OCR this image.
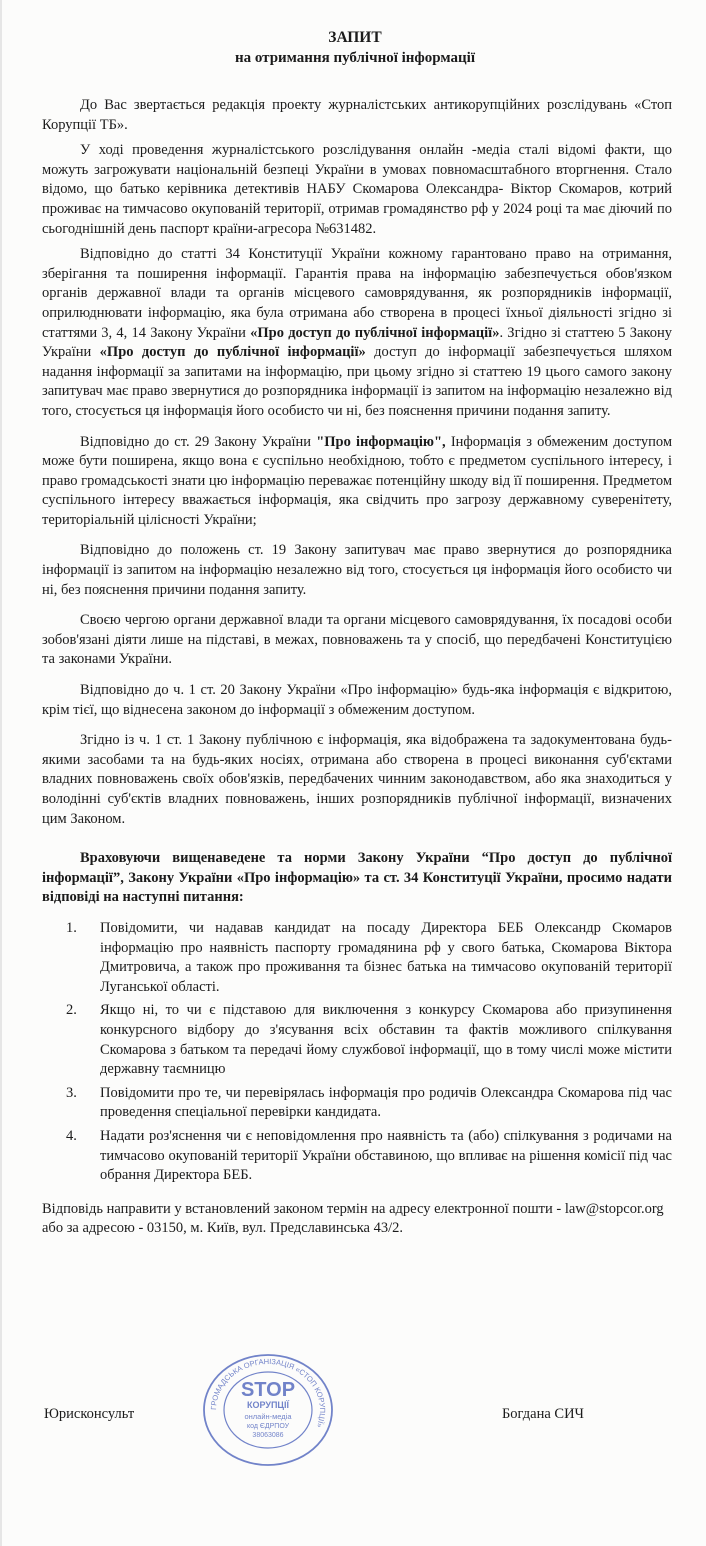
ЗАПИТ
на отримання публічної інформації

До Вас звертається редакція проекту журналістських антикорупційних розслідувань «Стоп Корупції ТБ».

У ході проведення журналістського розслідування онлайн -медіа сталі відомі факти, що можуть загрожувати національній безпеці України в умовах повномасштабного вторгнення. Стало відомо, що батько керівника детективів НАБУ Скомарова Олександра- Віктор Скомаров, котрий проживає на тимчасово окупованій території, отримав громадянство рф у 2024 році та має діючий по сьогоднішній день паспорт країни-агресора №631482.

Відповідно до статті 34 Конституції України кожному гарантовано право на отримання, зберігання та поширення інформації. Гарантія права на інформацію забезпечується обов'язком органів державної влади та органів місцевого самоврядування, як розпорядників інформації, оприлюднювати інформацію, яка була отримана або створена в процесі їхньої діяльності згідно зі статтями 3, 4, 14 Закону України «Про доступ до публічної інформації». Згідно зі статтею 5 Закону України «Про доступ до публічної інформації» доступ до інформації забезпечується шляхом надання інформації за запитами на інформацію, при цьому згідно зі статтею 19 цього самого закону запитувач має право звернутися до розпорядника інформації із запитом на інформацію незалежно від того, стосується ця інформація його особисто чи ні, без пояснення причини подання запиту.

Відповідно до ст. 29 Закону України "Про інформацію", Інформація з обмеженим доступом може бути поширена, якщо вона є суспільно необхідною, тобто є предметом суспільного інтересу, і право громадськості знати цю інформацію переважає потенційну шкоду від її поширення. Предметом суспільного інтересу вважається інформація, яка свідчить про загрозу державному суверенітету, територіальній цілісності України;

Відповідно до положень ст. 19 Закону запитувач має право звернутися до розпорядника інформації із запитом на інформацію незалежно від того, стосується ця інформація його особисто чи ні, без пояснення причини подання запиту.

Своєю чергою органи державної влади та органи місцевого самоврядування, їх посадові особи зобов'язані діяти лише на підставі, в межах, повноважень та у спосіб, що передбачені Конституцією та законами України.

Відповідно до ч. 1 ст. 20 Закону України «Про інформацію» будь-яка інформація є відкритою, крім тієї, що віднесена законом до інформації з обмеженим доступом.

Згідно із ч. 1 ст. 1 Закону публічною є інформація, яка відображена та задокументована будь-якими засобами та на будь-яких носіях, отримана або створена в процесі виконання суб'єктами владних повноважень своїх обов'язків, передбачених чинним законодавством, або яка знаходиться у володінні суб'єктів владних повноважень, інших розпорядників публічної інформації, визначених цим Законом.

Враховуючи вищенаведене та норми Закону України “Про доступ до публічної інформації”, Закону України «Про інформацію» та ст. 34 Конституції України, просимо надати відповіді на наступні питання:

1.	Повідомити, чи надавав кандидат на посаду Директора БЕБ Олександр Скомаров інформацію про наявність паспорту громадянина рф у свого батька, Скомарова Віктора Дмитровича, а також про проживання та бізнес батька на тимчасово окупованій території Луганської області.
2.	Якщо ні, то чи є підставою для виключення з конкурсу Скомарова або призупинення конкурсного відбору до з'ясування всіх обставин та фактів можливого спілкування Скомарова з батьком та передачі йому службової інформації, що в тому числі може містити державну таємницю
3.	Повідомити про те, чи перевірялась інформація про родичів Олександра Скомарова під час проведення спеціальної перевірки кандидата.
4.	Надати роз'яснення чи є неповідомлення про наявність та (або) спілкування з родичами на тимчасово окупованій території України обставиною, що впливає на рішення комісії під час обрання Директора БЕБ.

Відповідь направити у встановлений законом термін на адресу електронної пошти - law@stopcor.org або за адресою - 03150, м. Київ, вул. Предславинська 43/2.

ГРОМАДСЬКА ОРГАНІЗАЦІЯ «СТОП КОРУПЦІЇ»
STOP
КОРУПЦІЇ
онлайн-медіа
код ЄДРПОУ
38063086
Юрисконсульт	Богдана СИЧ
